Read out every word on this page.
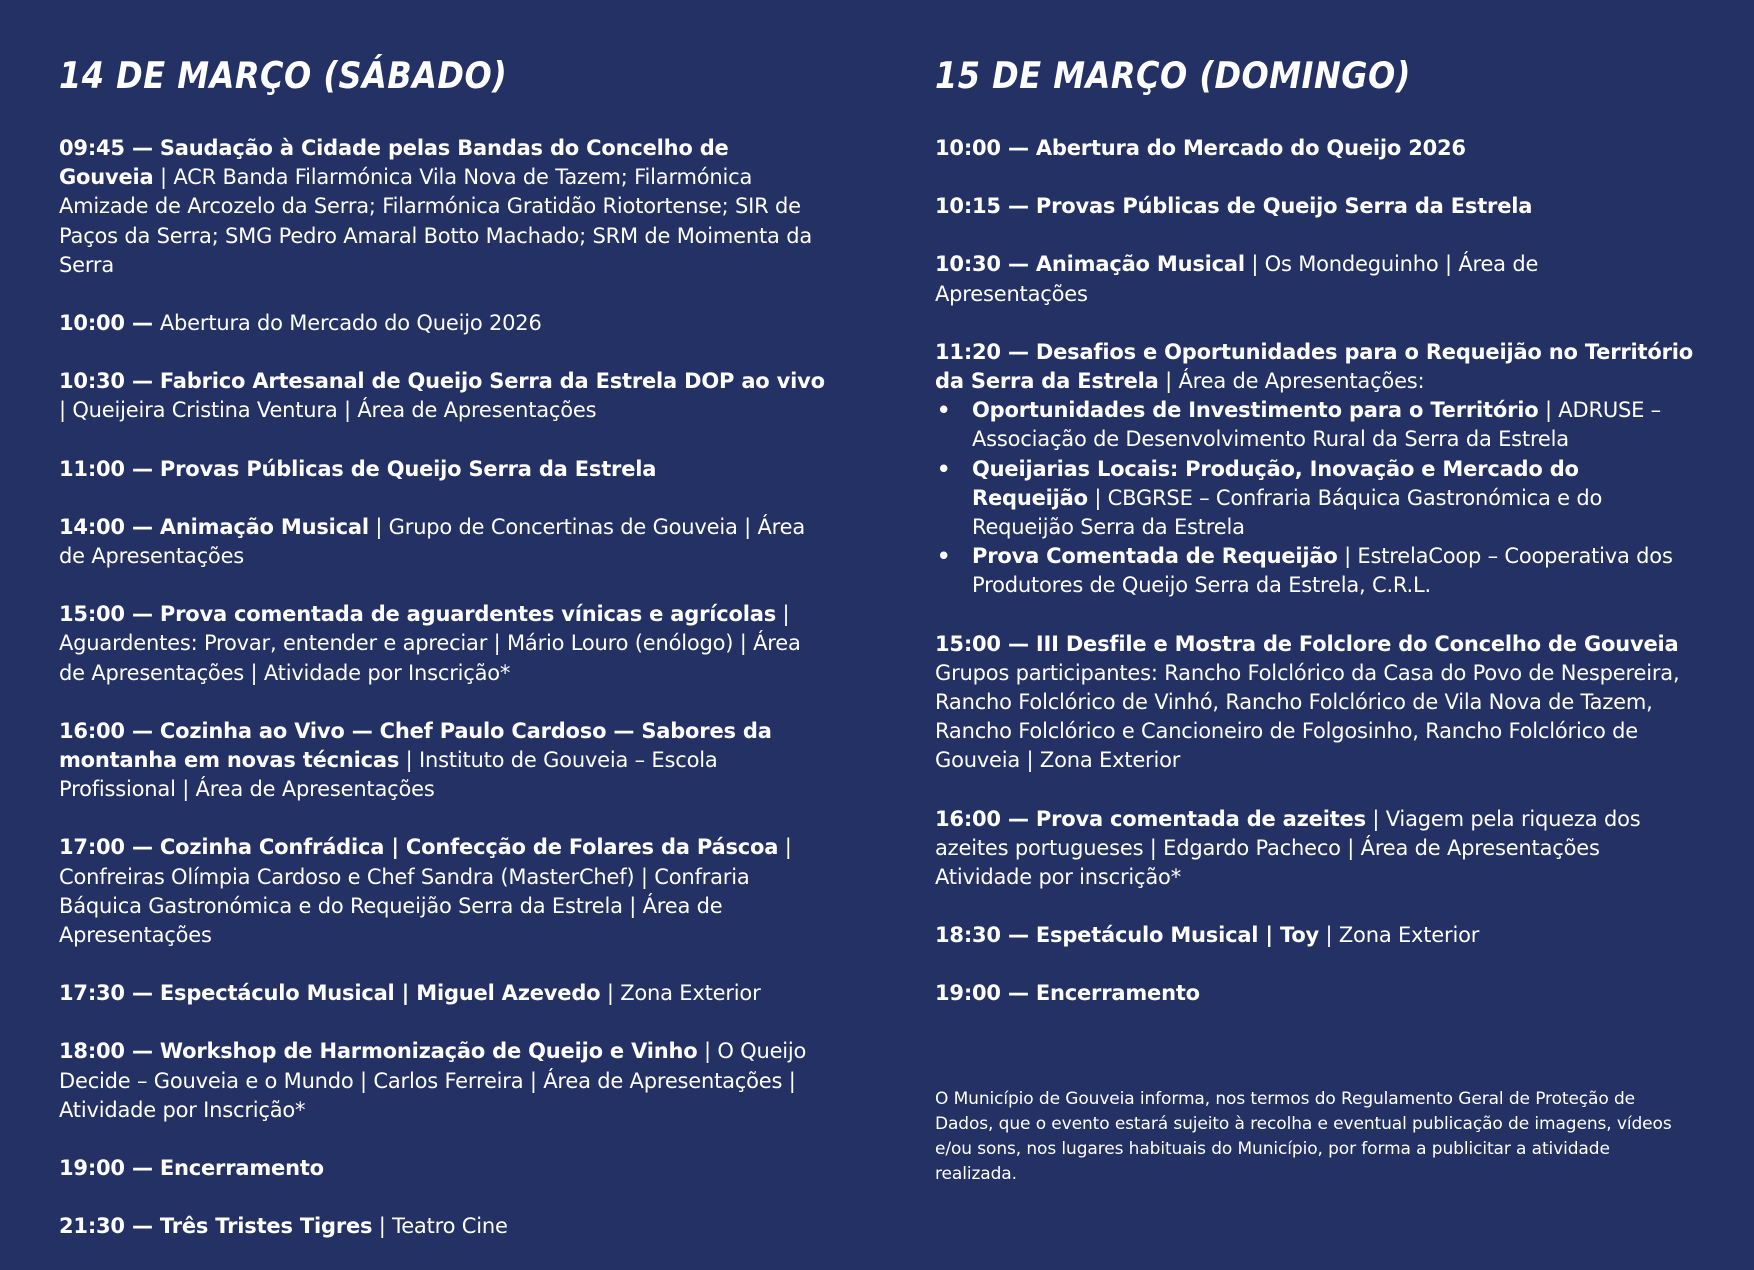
14 DE MARÇO (SÁBADO)
09:45 — Saudação à Cidade pelas Bandas do Concelho de Gouveia | ACR Banda Filarmónica Vila Nova de Tazem; Filarmónica Amizade de Arcozelo da Serra; Filarmónica Gratidão Riotortense; SIR de Paços da Serra; SMG Pedro Amaral Botto Machado; SRM de Moimenta da Serra
10:00 — Abertura do Mercado do Queijo 2026
10:30 — Fabrico Artesanal de Queijo Serra da Estrela DOP ao vivo | Queijeira Cristina Ventura | Área de Apresentações
11:00 — Provas Públicas de Queijo Serra da Estrela
14:00 — Animação Musical | Grupo de Concertinas de Gouveia | Área de Apresentações
15:00 — Prova comentada de aguardentes vínicas e agrícolas | Aguardentes: Provar, entender e apreciar | Mário Louro (enólogo) | Área de Apresentações | Atividade por Inscrição*
16:00 — Cozinha ao Vivo — Chef Paulo Cardoso — Sabores da montanha em novas técnicas | Instituto de Gouveia – Escola Profissional | Área de Apresentações
17:00 — Cozinha Confrádica | Confecção de Folares da Páscoa | Confreiras Olímpia Cardoso e Chef Sandra (MasterChef) | Confraria Báquica Gastronómica e do Requeijão Serra da Estrela | Área de Apresentações
17:30 — Espectáculo Musical | Miguel Azevedo | Zona Exterior
18:00 — Workshop de Harmonização de Queijo e Vinho | O Queijo Decide – Gouveia e o Mundo | Carlos Ferreira | Área de Apresentações | Atividade por Inscrição*
19:00 — Encerramento
21:30 — Três Tristes Tigres | Teatro Cine
15 DE MARÇO (DOMINGO)
10:00 — Abertura do Mercado do Queijo 2026
10:15 — Provas Públicas de Queijo Serra da Estrela
10:30 — Animação Musical | Os Mondeguinho | Área de Apresentações
11:20 — Desafios e Oportunidades para o Requeijão no Território da Serra da Estrela | Área de Apresentações:
• Oportunidades de Investimento para o Território | ADRUSE – Associação de Desenvolvimento Rural da Serra da Estrela
• Queijarias Locais: Produção, Inovação e Mercado do Requeijão | CBGRSE – Confraria Báquica Gastronómica e do Requeijão Serra da Estrela
• Prova Comentada de Requeijão | EstrelaCoop – Cooperativa dos Produtores de Queijo Serra da Estrela, C.R.L.
15:00 — III Desfile e Mostra de Folclore do Concelho de Gouveia Grupos participantes: Rancho Folclórico da Casa do Povo de Nespereira, Rancho Folclórico de Vinhó, Rancho Folclórico de Vila Nova de Tazem, Rancho Folclórico e Cancioneiro de Folgosinho, Rancho Folclórico de Gouveia | Zona Exterior
16:00 — Prova comentada de azeites | Viagem pela riqueza dos azeites portugueses | Edgardo Pacheco | Área de Apresentações
Atividade por inscrição*
18:30 — Espetáculo Musical | Toy | Zona Exterior
19:00 — Encerramento
O Município de Gouveia informa, nos termos do Regulamento Geral de Proteção de Dados, que o evento estará sujeito à recolha e eventual publicação de imagens, vídeos e/ou sons, nos lugares habituais do Município, por forma a publicitar a atividade realizada.
